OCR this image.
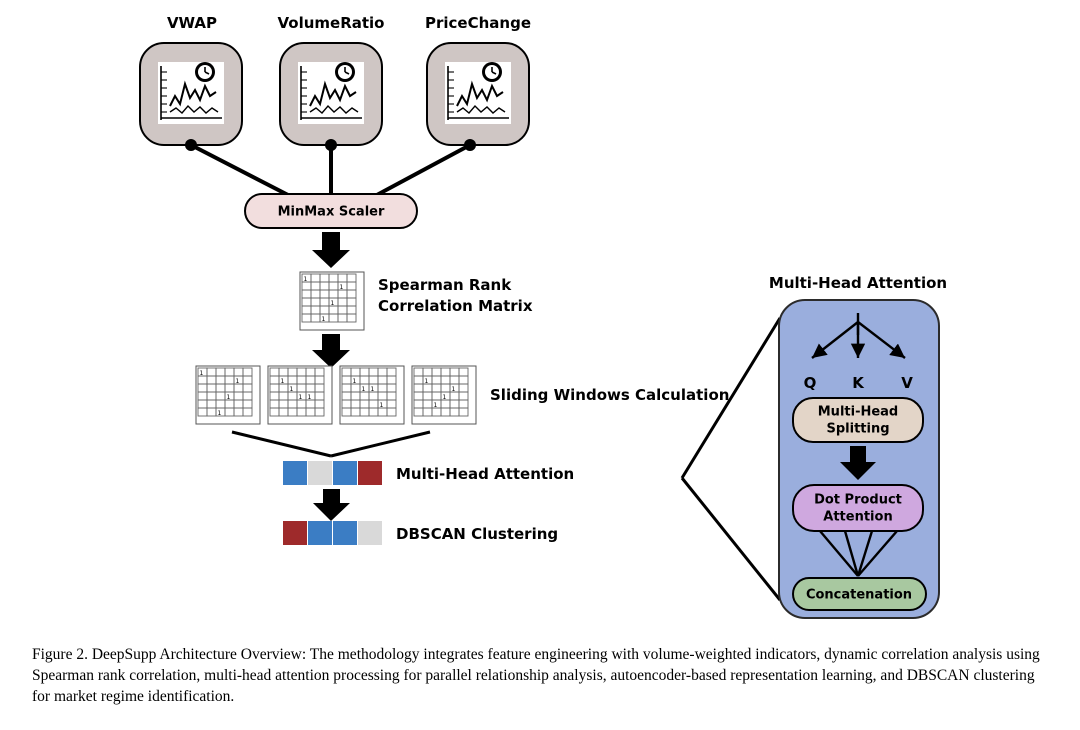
VWAP	VolumeRatio	PriceChange
MinMax Scaler
1
1
1
1
Spearman Rank
Correlation Matrix
1
1
1
1
1
1
1 1
1
1 1
1
1
1
1
1
Sliding Windows Calculation
Multi-Head Attention
DBSCAN Clustering
Multi-Head Attention
Q K V
Multi-Head
Splitting
Dot Product
Attention
Concatenation
Figure 2. DeepSupp Architecture Overview: The methodology integrates feature engineering with volume-weighted indicators, dynamic correlation analysis using Spearman rank correlation, multi-head attention processing for parallel relationship analysis, autoencoder-based representation learning, and DBSCAN clustering for market regime identification.
